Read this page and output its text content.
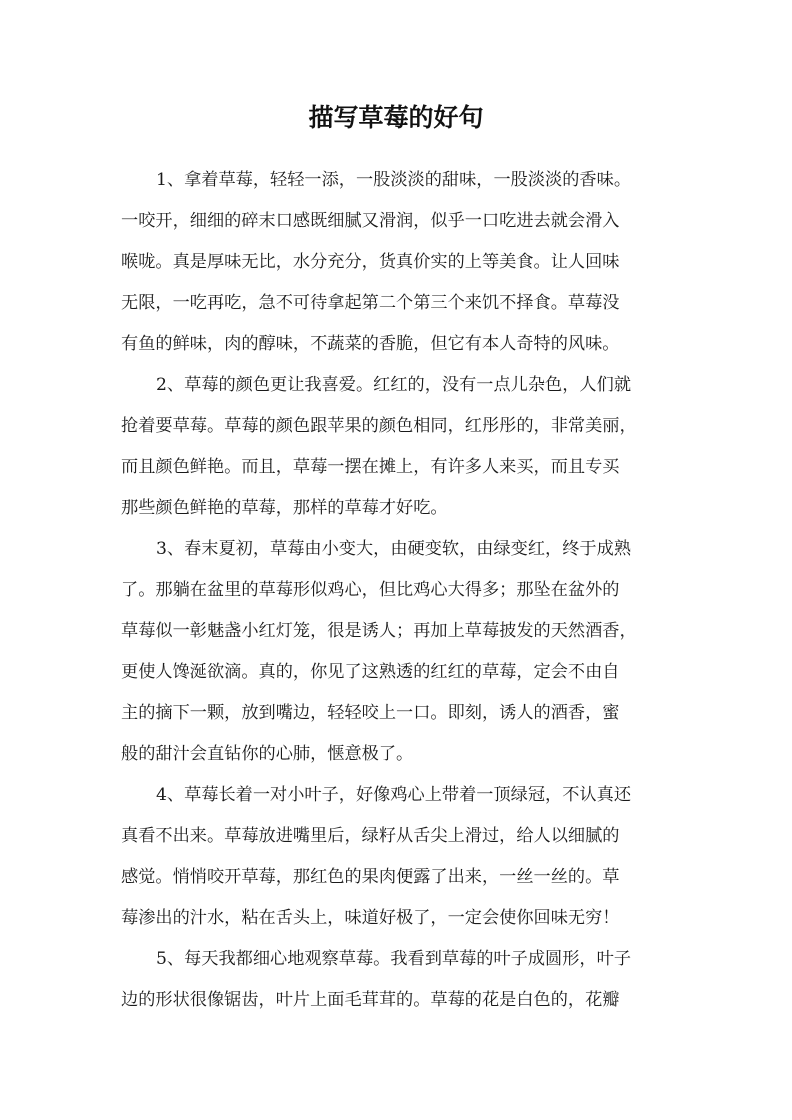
描写草莓的好句
1、拿着草莓，轻轻一添，一股淡淡的甜味，一股淡淡的香味。
一咬开，细细的碎末口感既细腻又滑润，似乎一口吃进去就会滑入
喉咙。真是厚味无比，水分充分，货真价实的上等美食。让人回味
无限，一吃再吃，急不可待拿起第二个第三个来饥不择食。草莓没
有鱼的鲜味，肉的醇味，不蔬菜的香脆，但它有本人奇特的风味。
2、草莓的颜色更让我喜爱。红红的，没有一点儿杂色，人们就
抢着要草莓。草莓的颜色跟苹果的颜色相同，红彤彤的，非常美丽，
而且颜色鲜艳。而且，草莓一摆在摊上，有许多人来买，而且专买
那些颜色鲜艳的草莓，那样的草莓才好吃。
3、春末夏初，草莓由小变大，由硬变软，由绿变红，终于成熟
了。那躺在盆里的草莓形似鸡心，但比鸡心大得多；那坠在盆外的
草莓似一彰魅盏小红灯笼，很是诱人；再加上草莓披发的天然酒香，
更使人馋涎欲滴。真的，你见了这熟透的红红的草莓，定会不由自
主的摘下一颗，放到嘴边，轻轻咬上一口。即刻，诱人的酒香，蜜
般的甜汁会直钻你的心肺，惬意极了。
4、草莓长着一对小叶子，好像鸡心上带着一顶绿冠，不认真还
真看不出来。草莓放进嘴里后，绿籽从舌尖上滑过，给人以细腻的
感觉。悄悄咬开草莓，那红色的果肉便露了出来，一丝一丝的。草
莓渗出的汁水，粘在舌头上，味道好极了，一定会使你回味无穷！
5、每天我都细心地观察草莓。我看到草莓的叶子成圆形，叶子
边的形状很像锯齿，叶片上面毛茸茸的。草莓的花是白色的，花瓣
